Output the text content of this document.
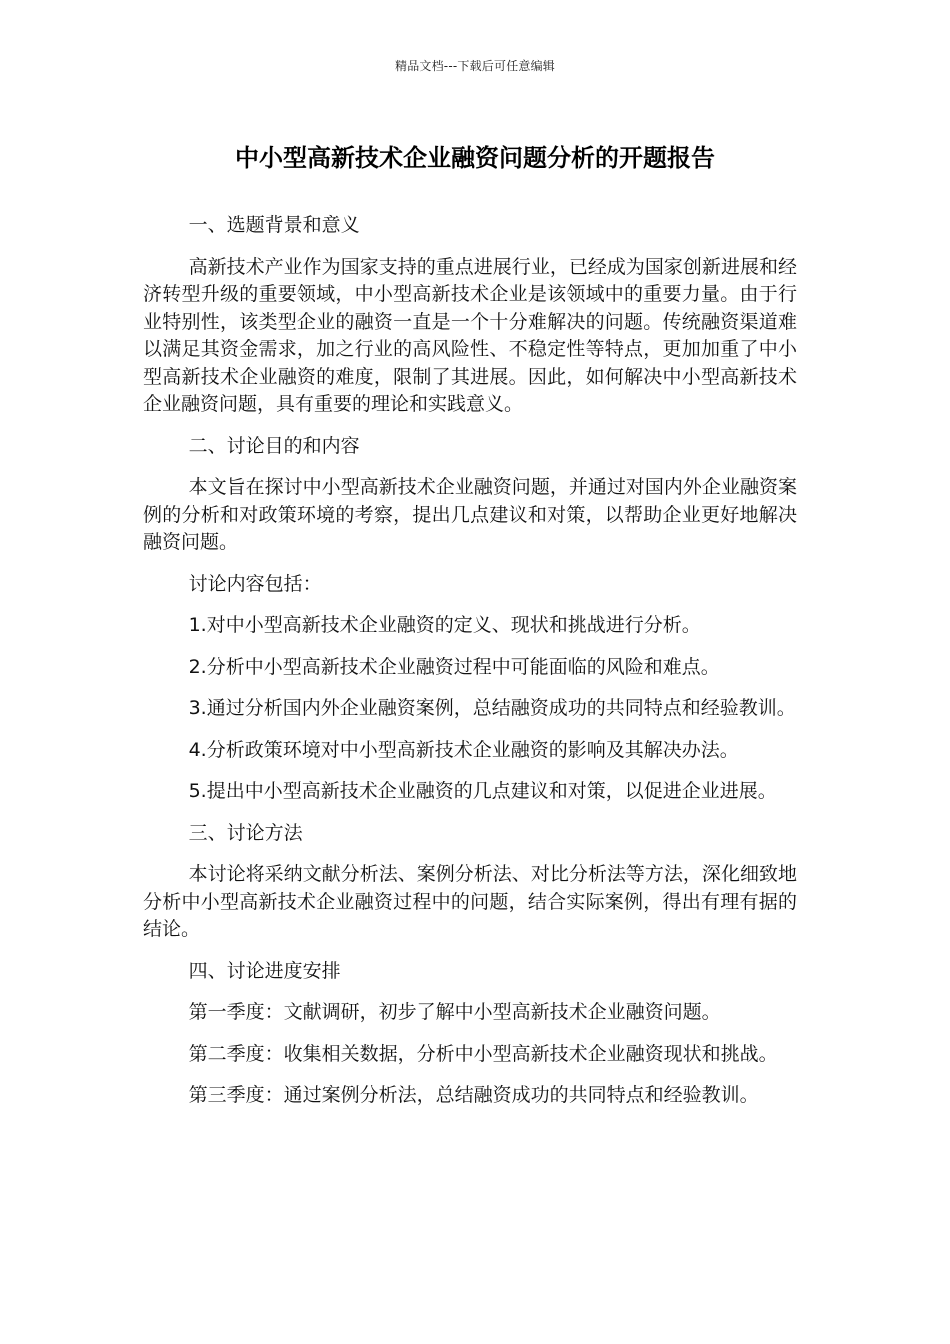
精品文档---下载后可任意编辑
中小型高新技术企业融资问题分析的开题报告

一、选题背景和意义

高新技术产业作为国家支持的重点进展行业，已经成为国家创新进展和经济转型升级的重要领域，中小型高新技术企业是该领域中的重要力量。由于行业特别性，该类型企业的融资一直是一个十分难解决的问题。传统融资渠道难以满足其资金需求，加之行业的高风险性、不稳定性等特点，更加加重了中小型高新技术企业融资的难度，限制了其进展。因此，如何解决中小型高新技术企业融资问题，具有重要的理论和实践意义。

二、讨论目的和内容

本文旨在探讨中小型高新技术企业融资问题，并通过对国内外企业融资案例的分析和对政策环境的考察，提出几点建议和对策，以帮助企业更好地解决融资问题。

讨论内容包括：

1.对中小型高新技术企业融资的定义、现状和挑战进行分析。

2.分析中小型高新技术企业融资过程中可能面临的风险和难点。

3.通过分析国内外企业融资案例，总结融资成功的共同特点和经验教训。

4.分析政策环境对中小型高新技术企业融资的影响及其解决办法。

5.提出中小型高新技术企业融资的几点建议和对策，以促进企业进展。

三、讨论方法

本讨论将采纳文献分析法、案例分析法、对比分析法等方法，深化细致地分析中小型高新技术企业融资过程中的问题，结合实际案例，得出有理有据的结论。

四、讨论进度安排

第一季度：文献调研，初步了解中小型高新技术企业融资问题。

第二季度：收集相关数据，分析中小型高新技术企业融资现状和挑战。

第三季度：通过案例分析法，总结融资成功的共同特点和经验教训。
